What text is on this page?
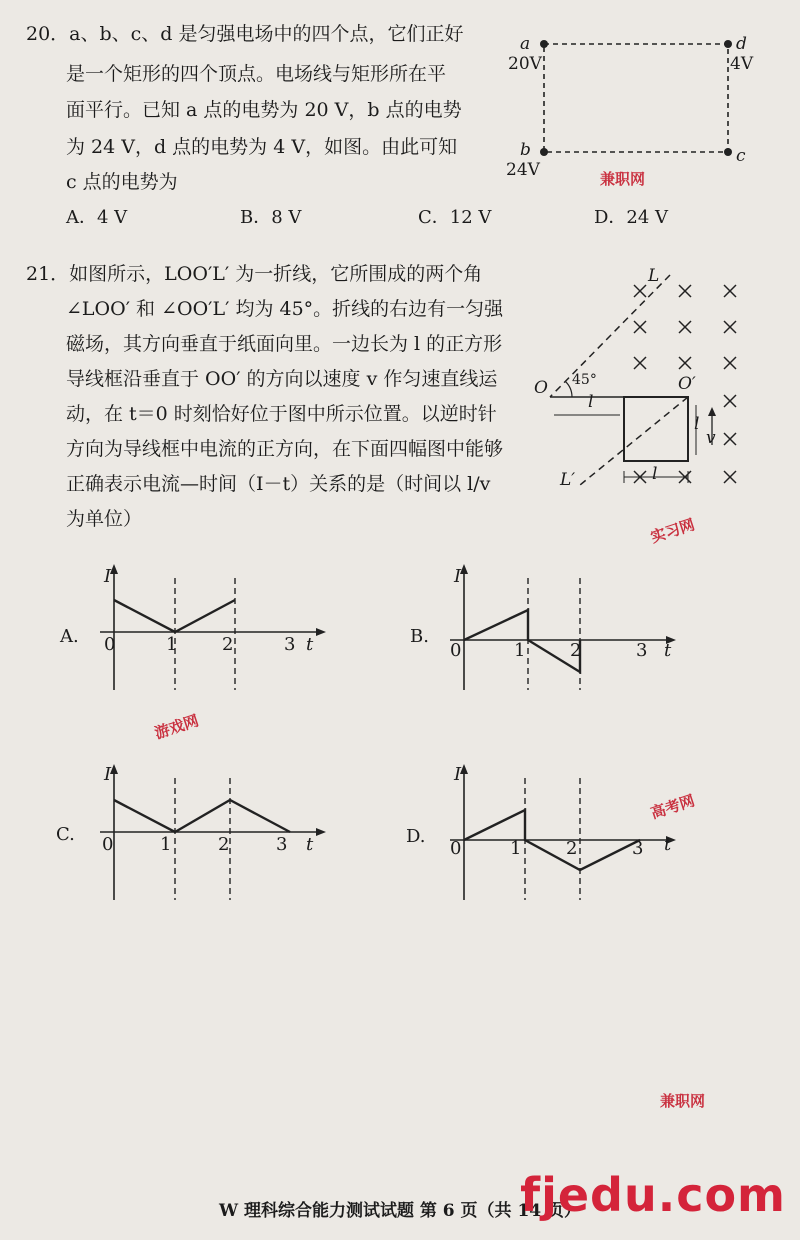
20．a、b、c、d 是匀强电场中的四个点，它们正好
是一个矩形的四个顶点。电场线与矩形所在平
面平行。已知 a 点的电势为 20 V，b 点的电势
为 24 V，d 点的电势为 4 V，如图。由此可知
c 点的电势为
A．4 V	B．8 V	C．12 V	D．24 V
a
20V
d
4V
b
24V
c
21．如图所示，LOO′L′ 为一折线，它所围成的两个角
∠LOO′ 和 ∠OO′L′ 均为 45°。折线的右边有一匀强
磁场，其方向垂直于纸面向里。一边长为 l 的正方形
导线框沿垂直于 OO′ 的方向以速度 v 作匀速直线运
动，在 t＝0 时刻恰好位于图中所示位置。以逆时针
方向为导线框中电流的正方向，在下面四幅图中能够
正确表示电流—时间（I－t）关系的是（时间以 l/v
为单位）
L
L′
O	O′
45°
l
l
l
v
A.
I
t
0	1 2	3	B.
I
t
0	1 2	3
C.
I
t
0	1	2	3	D.
I
t
0	1 2	3
兼职网
实习网
游戏网
高考网
兼职网
W 理科综合能力测试试题 第 6 页（共 14 页）
fjedu.com
